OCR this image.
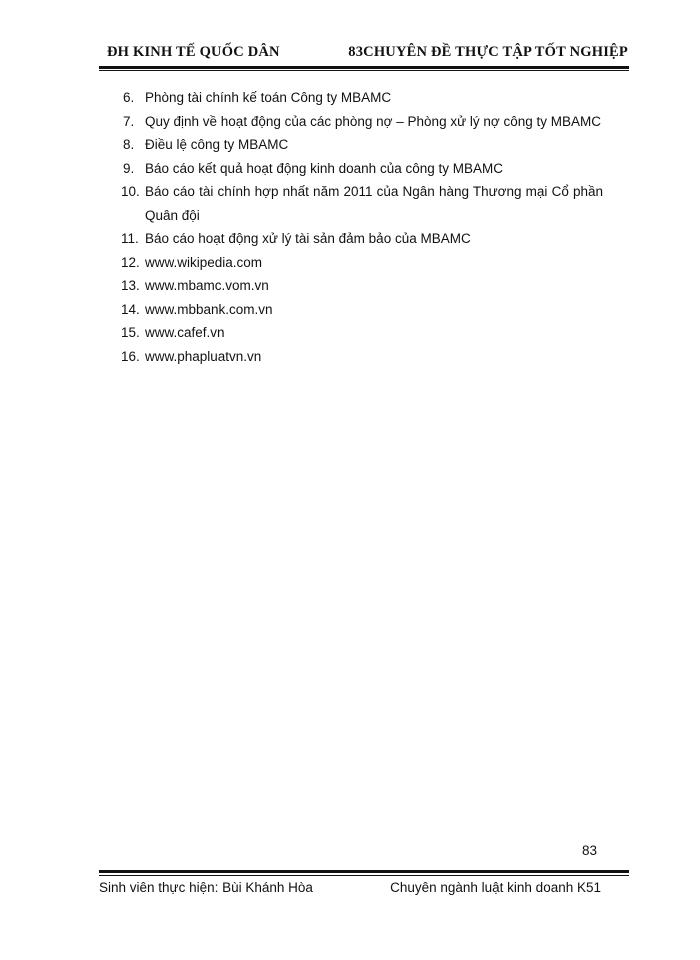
ĐH KINH TẾ QUỐC DÂN	83CHUYÊN ĐỀ THỰC TẬP TỐT NGHIỆP
6. Phòng tài chính kế toán Công ty MBAMC
7. Quy định về hoạt động của các phòng nợ – Phòng xử lý nợ công ty MBAMC
8. Điều lệ công ty MBAMC
9. Báo cáo kết quả hoạt động kinh doanh của công ty MBAMC
10. Báo cáo tài chính hợp nhất năm 2011 của Ngân hàng Thương mại Cổ phần Quân đội
11. Báo cáo hoạt động xử lý tài sản đảm bảo của MBAMC
12. www.wikipedia.com
13. www.mbamc.vom.vn
14. www.mbbank.com.vn
15. www.cafef.vn
16. www.phapluatvn.vn
83
Sinh viên thực hiện: Bùi Khánh Hòa	Chuyên ngành luật kinh doanh K51
